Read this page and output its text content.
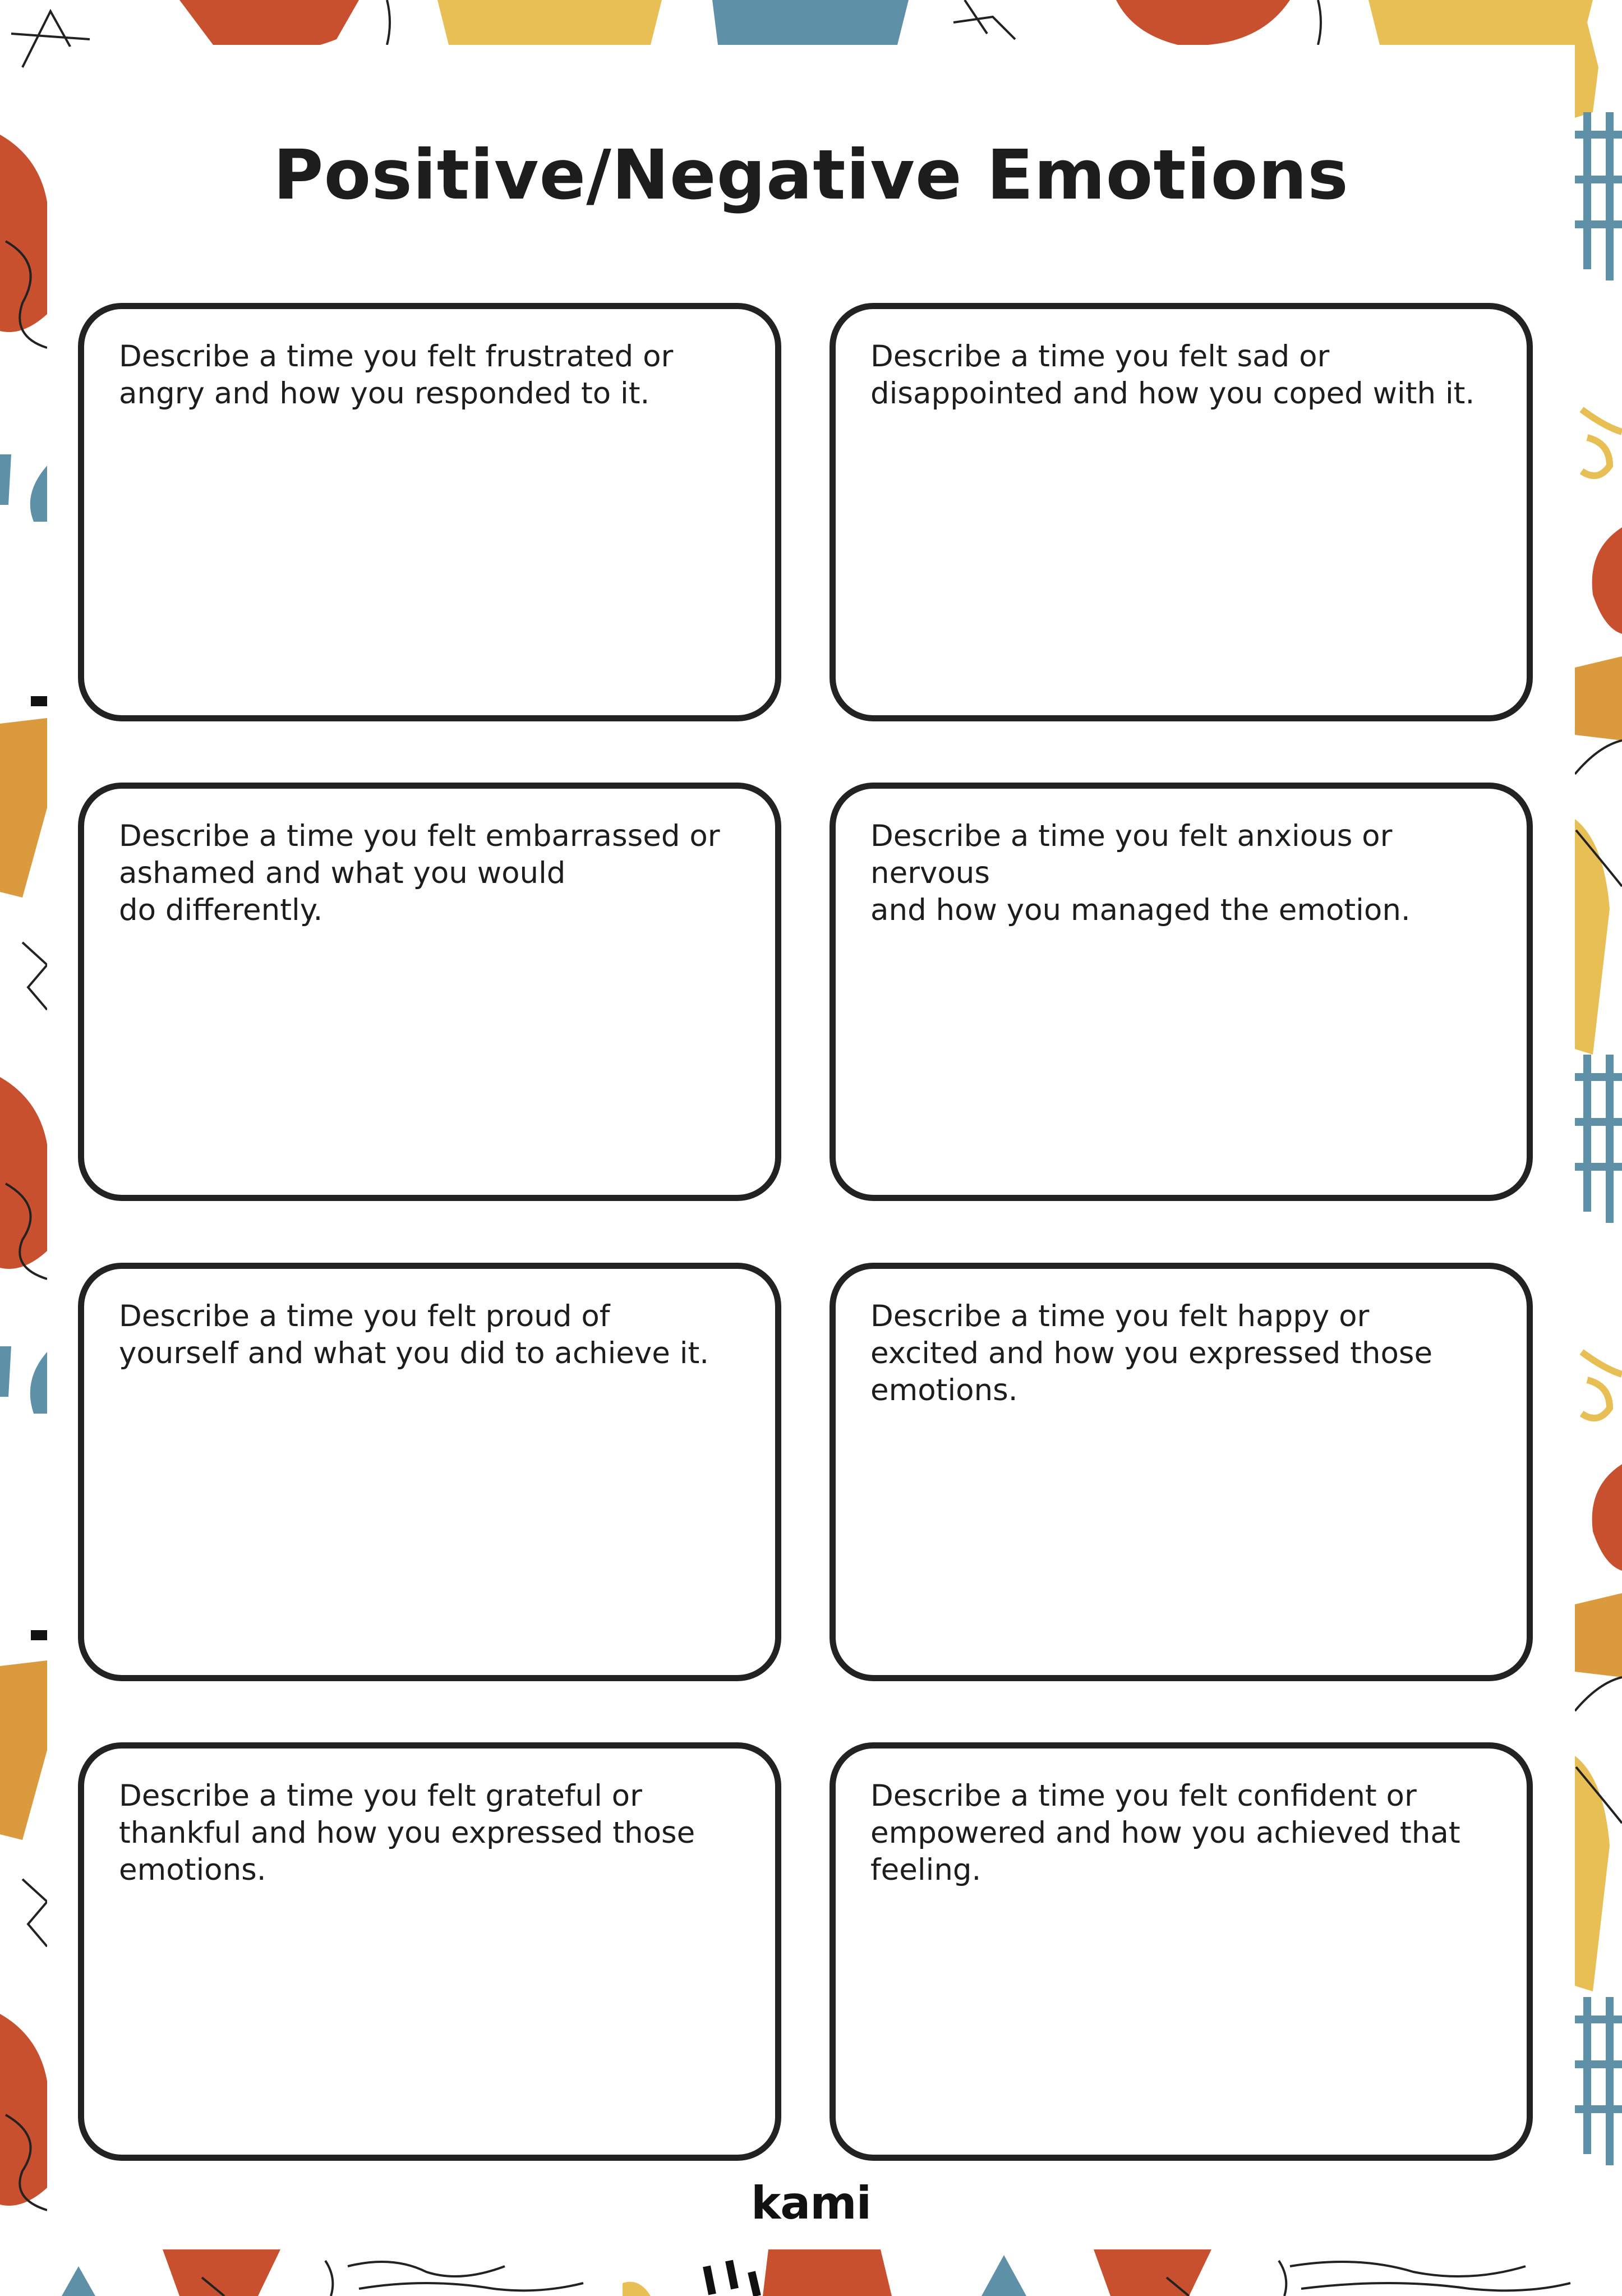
Positive/Negative Emotions

Describe a time you felt frustrated or
angry and how you responded to it.

Describe a time you felt sad or
disappointed and how you coped with it.

Describe a time you felt embarrassed or
ashamed and what you would
do differently.

Describe a time you felt anxious or nervous
and how you managed the emotion.

Describe a time you felt proud of
yourself and what you did to achieve it.

Describe a time you felt happy or
excited and how you expressed those
emotions.

Describe a time you felt grateful or
thankful and how you expressed those
emotions.

Describe a time you felt confident or
empowered and how you achieved that
feeling.

kami
